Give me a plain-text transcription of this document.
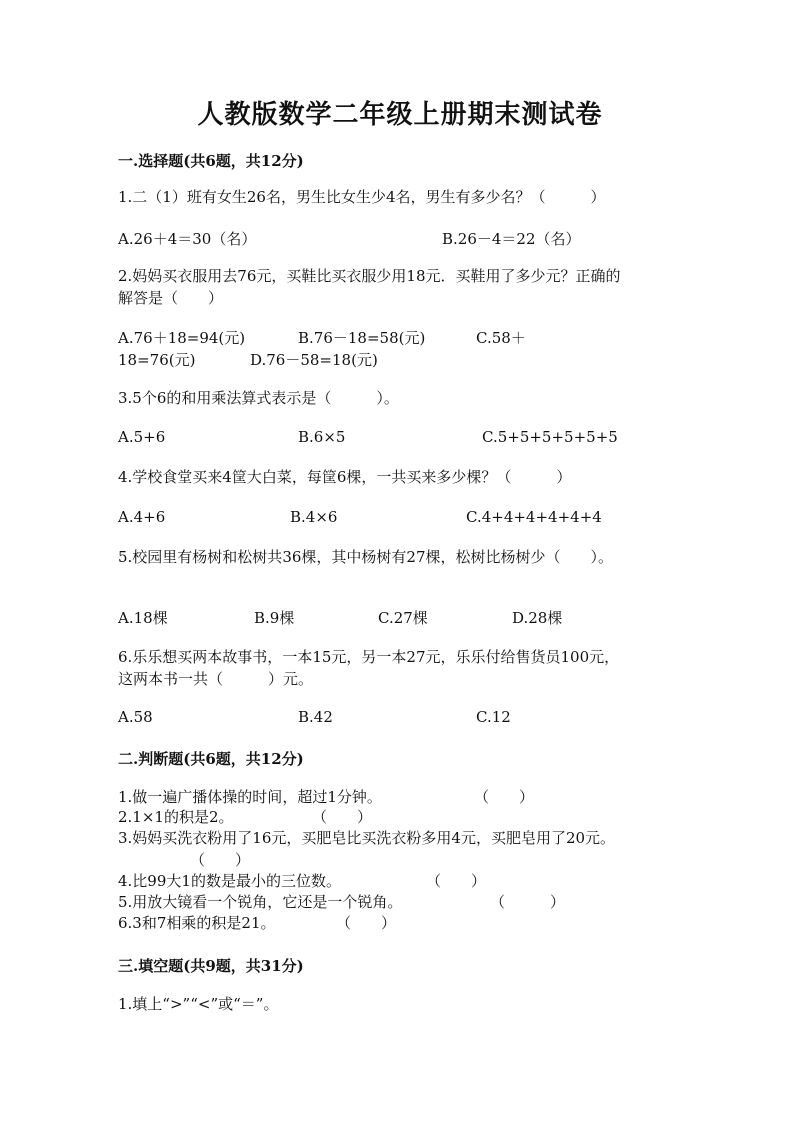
人教版数学二年级上册期末测试卷
一.选择题(共6题，共12分)
1.二（1）班有女生26名，男生比女生少4名，男生有多少名？（　　　）
A.26＋4＝30（名）	B.26－4＝22（名）
2.妈妈买衣服用去76元，买鞋比买衣服少用18元．买鞋用了多少元？正确的
解答是（　　）
A.76＋18=94(元)	B.76－18=58(元)	C.58＋
18=76(元)	D.76－58=18(元)
3.5个6的和用乘法算式表示是（　　　）。
A.5+6	B.6×5	C.5+5+5+5+5+5
4.学校食堂买来4筐大白菜，每筐6棵，一共买来多少棵？（　　　）
A.4+6	B.4×6	C.4+4+4+4+4+4
5.校园里有杨树和松树共36棵，其中杨树有27棵，松树比杨树少（　　）。
A.18棵	B.9棵	C.27棵	D.28棵
6.乐乐想买两本故事书，一本15元，另一本27元，乐乐付给售货员100元，
这两本书一共（　　　）元。
A.58	B.42	C.12
二.判断题(共6题，共12分)
1.做一遍广播体操的时间，超过1分钟。	（　　）
2.1×1的积是2。	（　　）
3.妈妈买洗衣粉用了16元，买肥皂比买洗衣粉多用4元，买肥皂用了20元。
（　　）
4.比99大1的数是最小的三位数。	（　　）
5.用放大镜看一个锐角，它还是一个锐角。	（　　　）
6.3和7相乘的积是21。	（　　）
三.填空题(共9题，共31分)
1.填上“>”“<”或“＝”。
